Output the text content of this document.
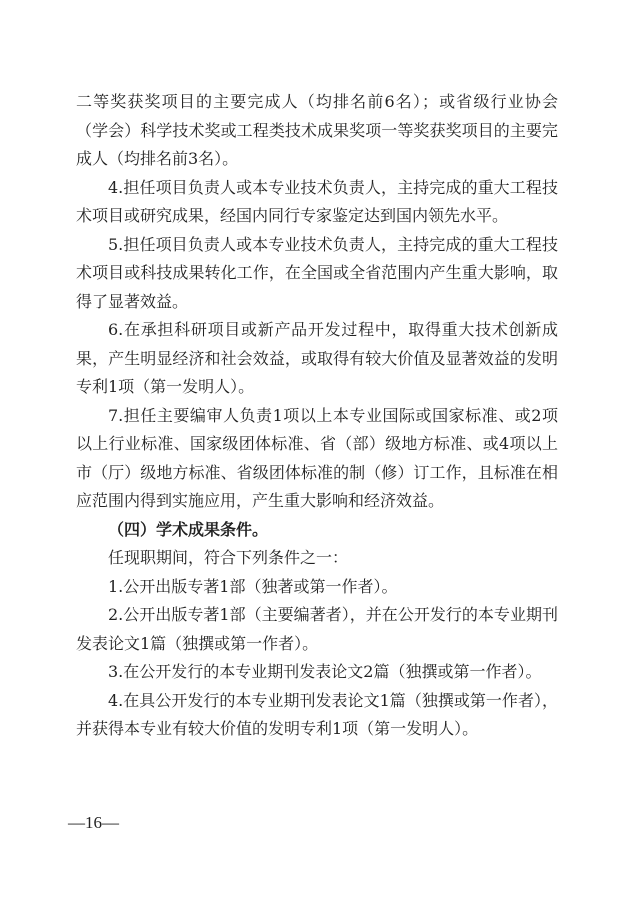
二等奖获奖项目的主要完成人（均排名前6名）；或省级行业协会（学会）科学技术奖或工程类技术成果奖项一等奖获奖项目的主要完成人（均排名前3名）。

4.担任项目负责人或本专业技术负责人，主持完成的重大工程技术项目或研究成果，经国内同行专家鉴定达到国内领先水平。

5.担任项目负责人或本专业技术负责人，主持完成的重大工程技术项目或科技成果转化工作，在全国或全省范围内产生重大影响，取得了显著效益。

6.在承担科研项目或新产品开发过程中，取得重大技术创新成果，产生明显经济和社会效益，或取得有较大价值及显著效益的发明专利1项（第一发明人）。

7.担任主要编审人负责1项以上本专业国际或国家标准、或2项以上行业标准、国家级团体标准、省（部）级地方标准、或4项以上市（厅）级地方标准、省级团体标准的制（修）订工作，且标准在相应范围内得到实施应用，产生重大影响和经济效益。

（四）学术成果条件。

任现职期间，符合下列条件之一：

1.公开出版专著1部（独著或第一作者）。

2.公开出版专著1部（主要编著者），并在公开发行的本专业期刊发表论文1篇（独撰或第一作者）。

3.在公开发行的本专业期刊发表论文2篇（独撰或第一作者）。

4.在具公开发行的本专业期刊发表论文1篇（独撰或第一作者），并获得本专业有较大价值的发明专利1项（第一发明人）。

—16—
